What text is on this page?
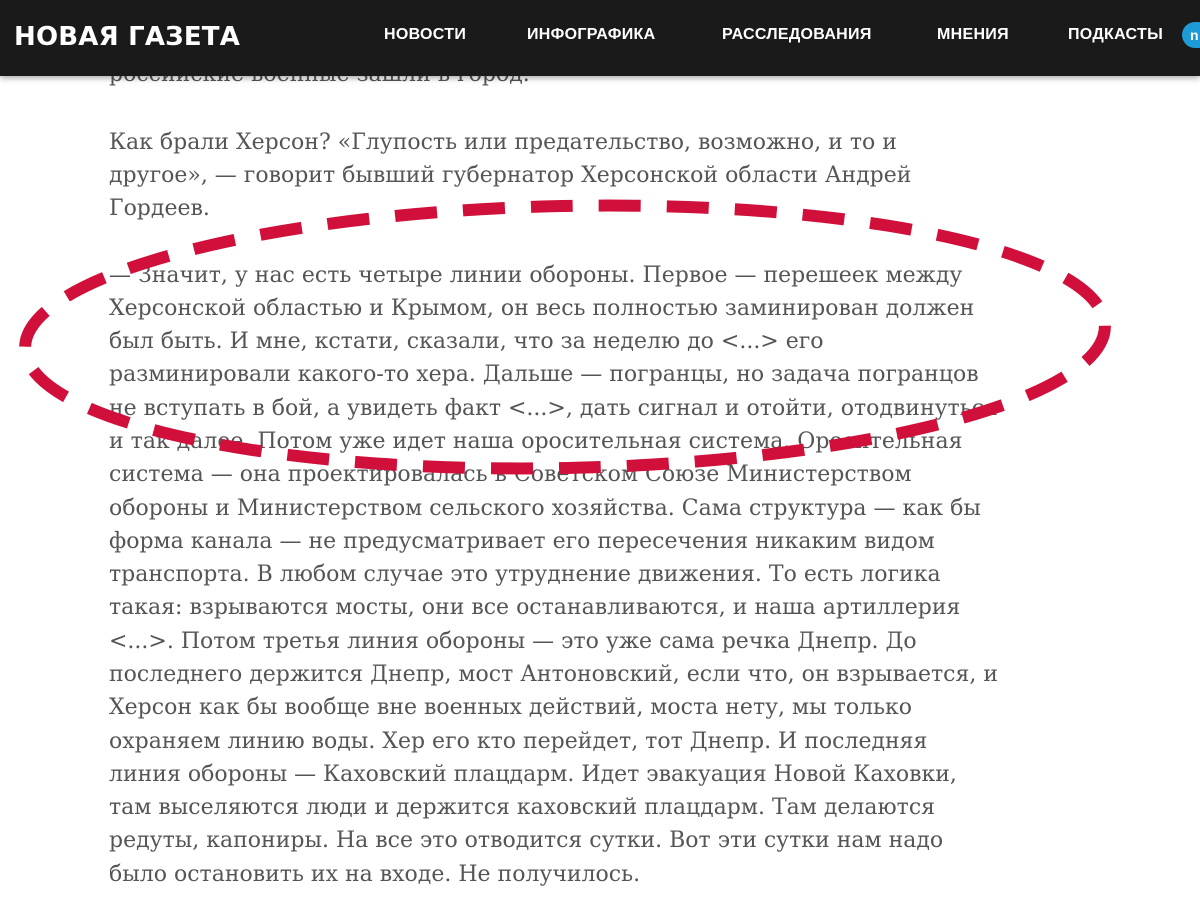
НОВАЯ ГАЗЕТА	НОВОСТИ	ИНФОГРАФИКА	РАССЛЕДОВАНИЯ	МНЕНИЯ	ПОДКАСТЫ	n
Как брали Херсон? «Глупость или предательство, возможно, и то и
другое», — говорит бывший губернатор Херсонской области Андрей
Гордеев.
— Значит, у нас есть четыре линии обороны. Первое — перешеек между
Херсонской областью и Крымом, он весь полностью заминирован должен
был быть. И мне, кстати, сказали, что за неделю до <...> его
разминировали какого-то хера. Дальше — погранцы, но задача погранцов
не вступать в бой, а увидеть факт <...>, дать сигнал и отойти, отодвинуться
и так далее. Потом уже идет наша оросительная система. Оросительная
система — она проектировалась в Советском Союзе Министерством
обороны и Министерством сельского хозяйства. Сама структура — как бы
форма канала — не предусматривает его пересечения никаким видом
транспорта. В любом случае это утруднение движения. То есть логика
такая: взрываются мосты, они все останавливаются, и наша артиллерия
<...>. Потом третья линия обороны — это уже сама речка Днепр. До
последнего держится Днепр, мост Антоновский, если что, он взрывается, и
Херсон как бы вообще вне военных действий, моста нету, мы только
охраняем линию воды. Хер его кто перейдет, тот Днепр. И последняя
линия обороны — Каховский плацдарм. Идет эвакуация Новой Каховки,
там выселяются люди и держится каховский плацдарм. Там делаются
редуты, капониры. На все это отводится сутки. Вот эти сутки нам надо
было остановить их на входе. Не получилось.
